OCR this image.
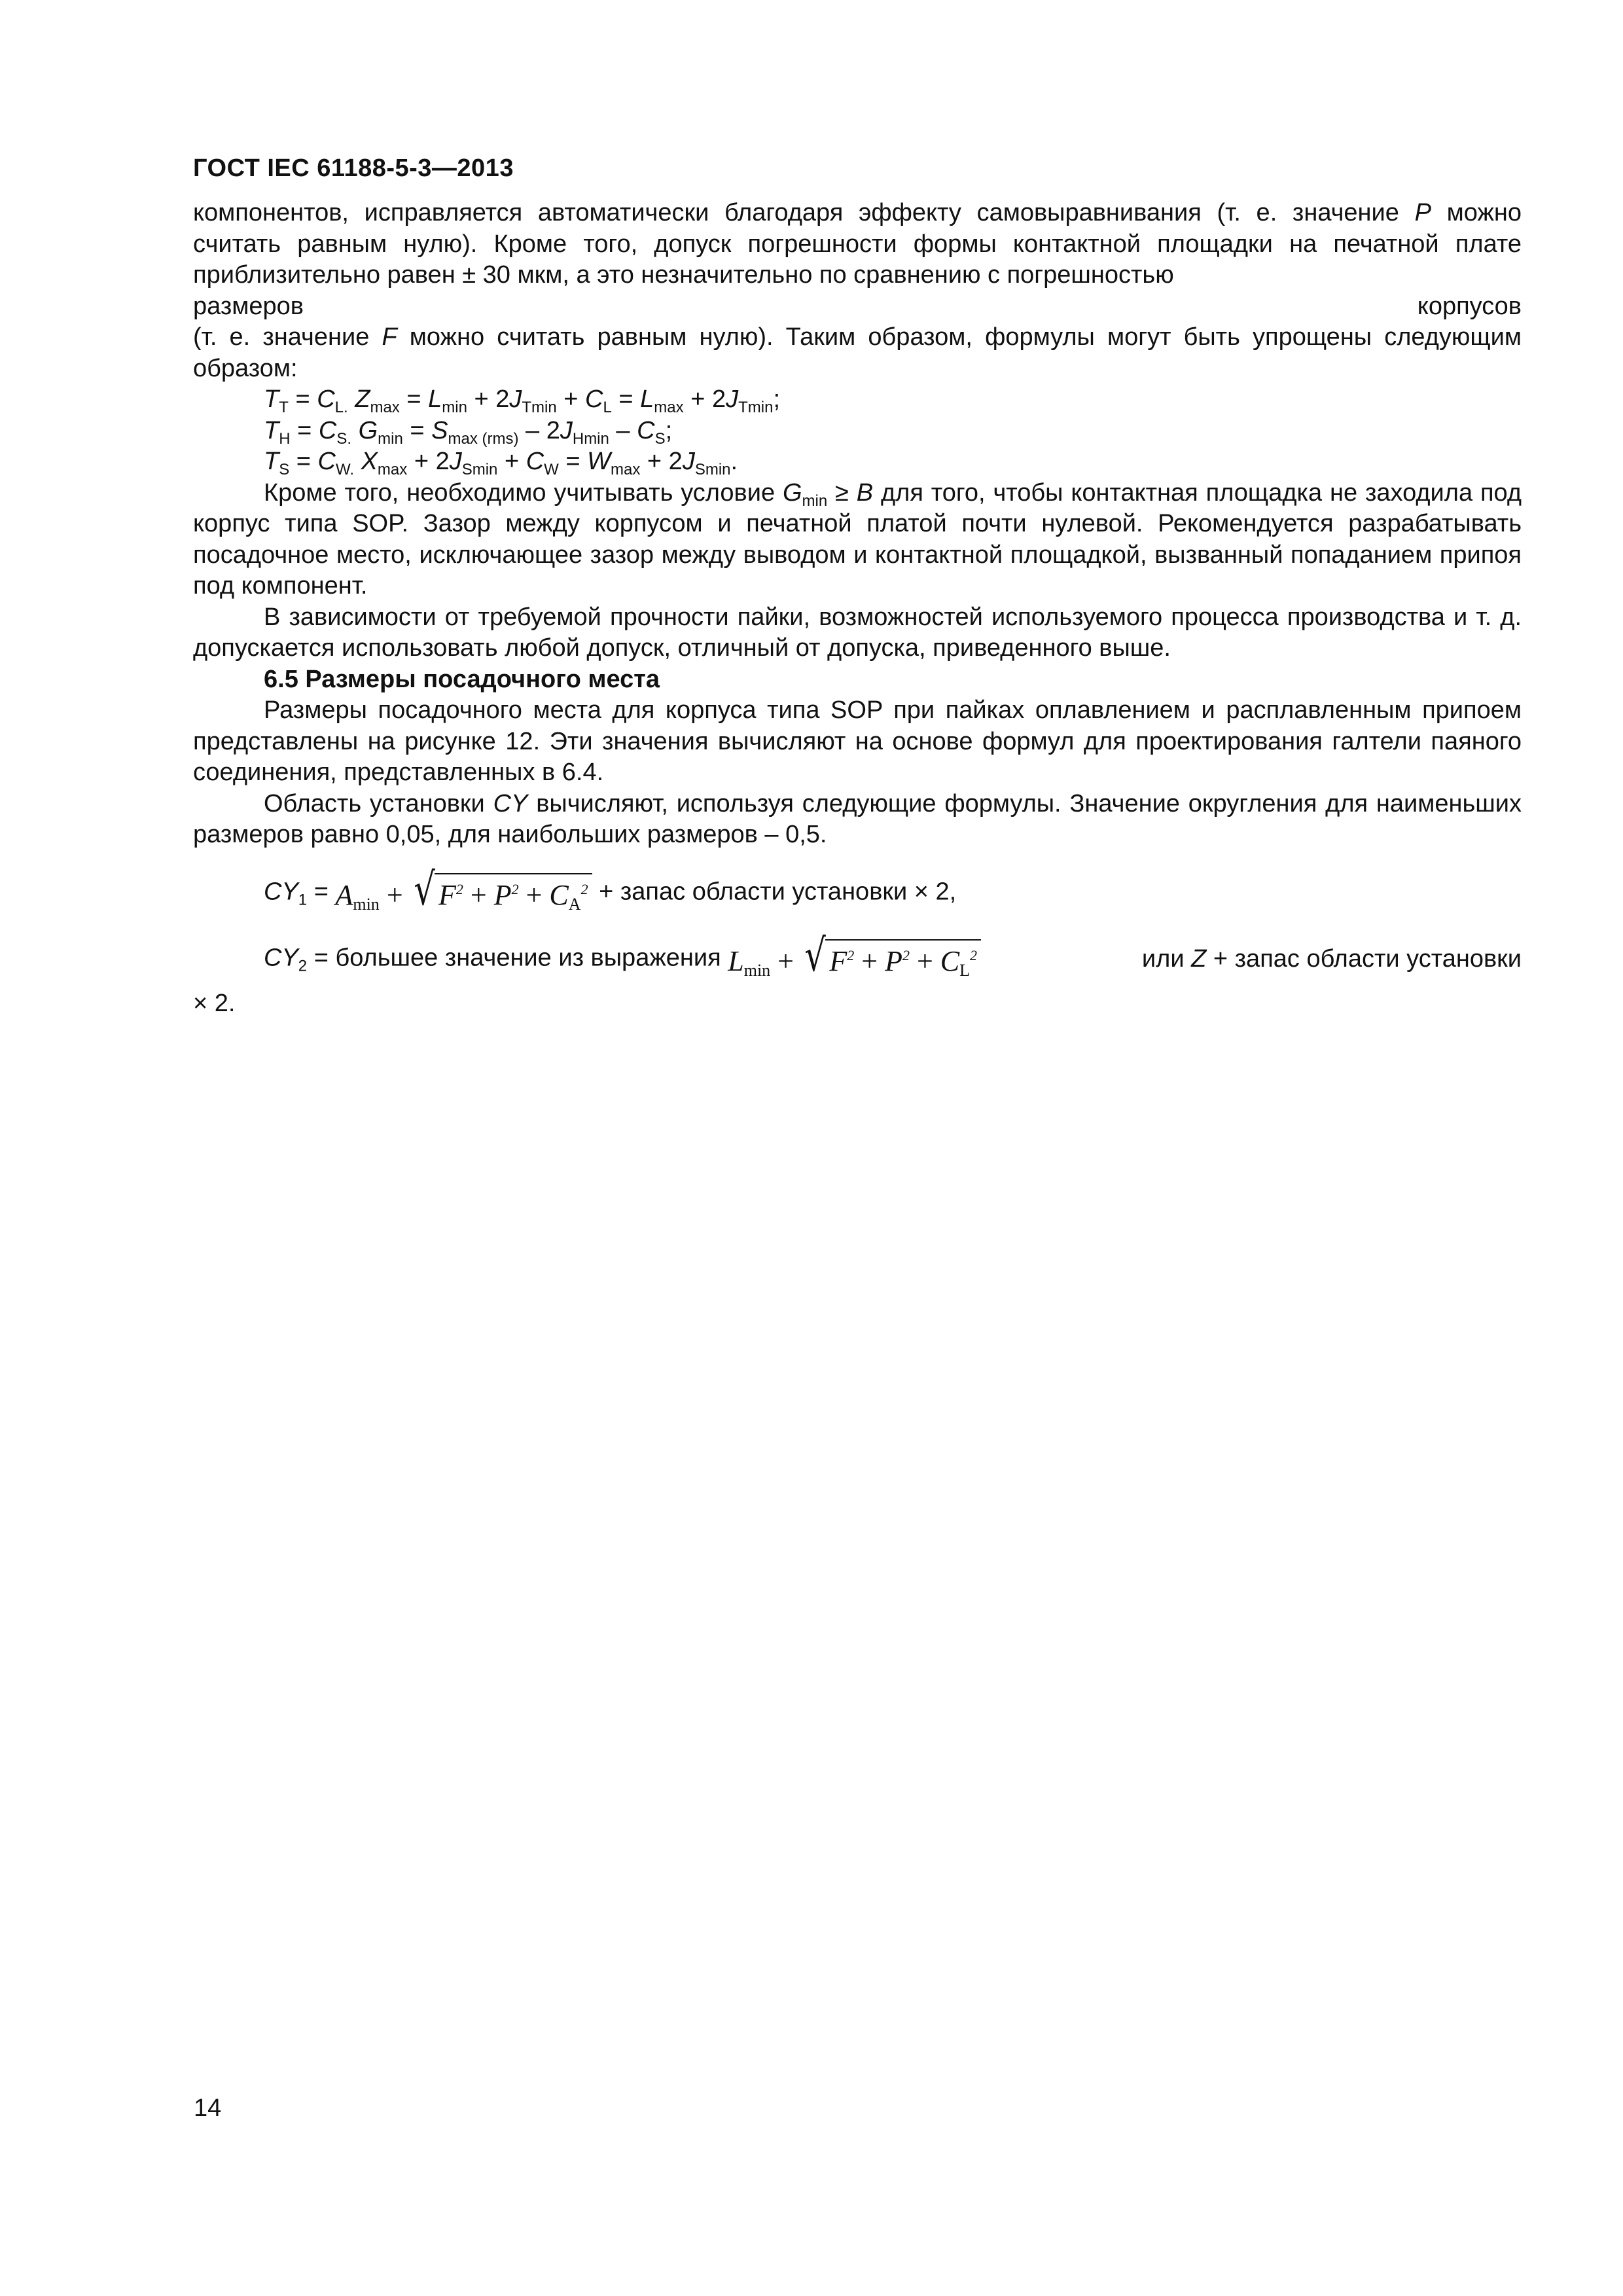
ГОСТ IEC 61188-5-3—2013

компонентов, исправляется автоматически благодаря эффекту самовыравнивания (т. е. значение P можно считать равным нулю). Кроме того, допуск погрешности формы контактной площадки на печатной плате приблизительно равен ± 30 мкм, а это незначительно по сравнению с погрешностью

размеров	корпусов

(т. е. значение F можно считать равным нулю). Таким образом, формулы могут быть упрощены следующим образом:

$T_T = C_{L.}$ $Z_{max} = L_{min} + 2J_{Tmin} + C_L = L_{max} + 2J_{Tmin}$;

$T_H = C_{S.}$ $G_{min} = S_{max (rms)} - 2J_{Hmin} - C_S$;

$T_S = C_{W.}$ $X_{max} + 2J_{Smin} + C_W = W_{max} + 2J_{Smin}$.

Кроме того, необходимо учитывать условие $G_{min} \ge B$ для того, чтобы контактная площадка не заходила под корпус типа SOP. Зазор между корпусом и печатной платой почти нулевой. Рекомендуется разрабатывать посадочное место, исключающее зазор между выводом и контактной площадкой, вызванный попаданием припоя под компонент.

В зависимости от требуемой прочности пайки, возможностей используемого процесса производства и т. д. допускается использовать любой допуск, отличный от допуска, приведенного выше.

6.5 Размеры посадочного места

Размеры посадочного места для корпуса типа SOP при пайках оплавлением и расплавленным припоем представлены на рисунке 12. Эти значения вычисляют на основе формул для проектирования галтели паяного соединения, представленных в 6.4.

Область установки CY вычисляют, используя следующие формулы. Значение округления для наименьших размеров равно 0,05, для наибольших размеров – 0,5.

$CY_1 = A_{min}$ + √ $F^2 + P^2 + C_A^2$ + запас области установки × 2,
$CY_2$ = большее значение из выражения $L_{min}$ + √ $F^2 + P^2 + C_L^2$	или Z + запас области установки

× 2.

14
